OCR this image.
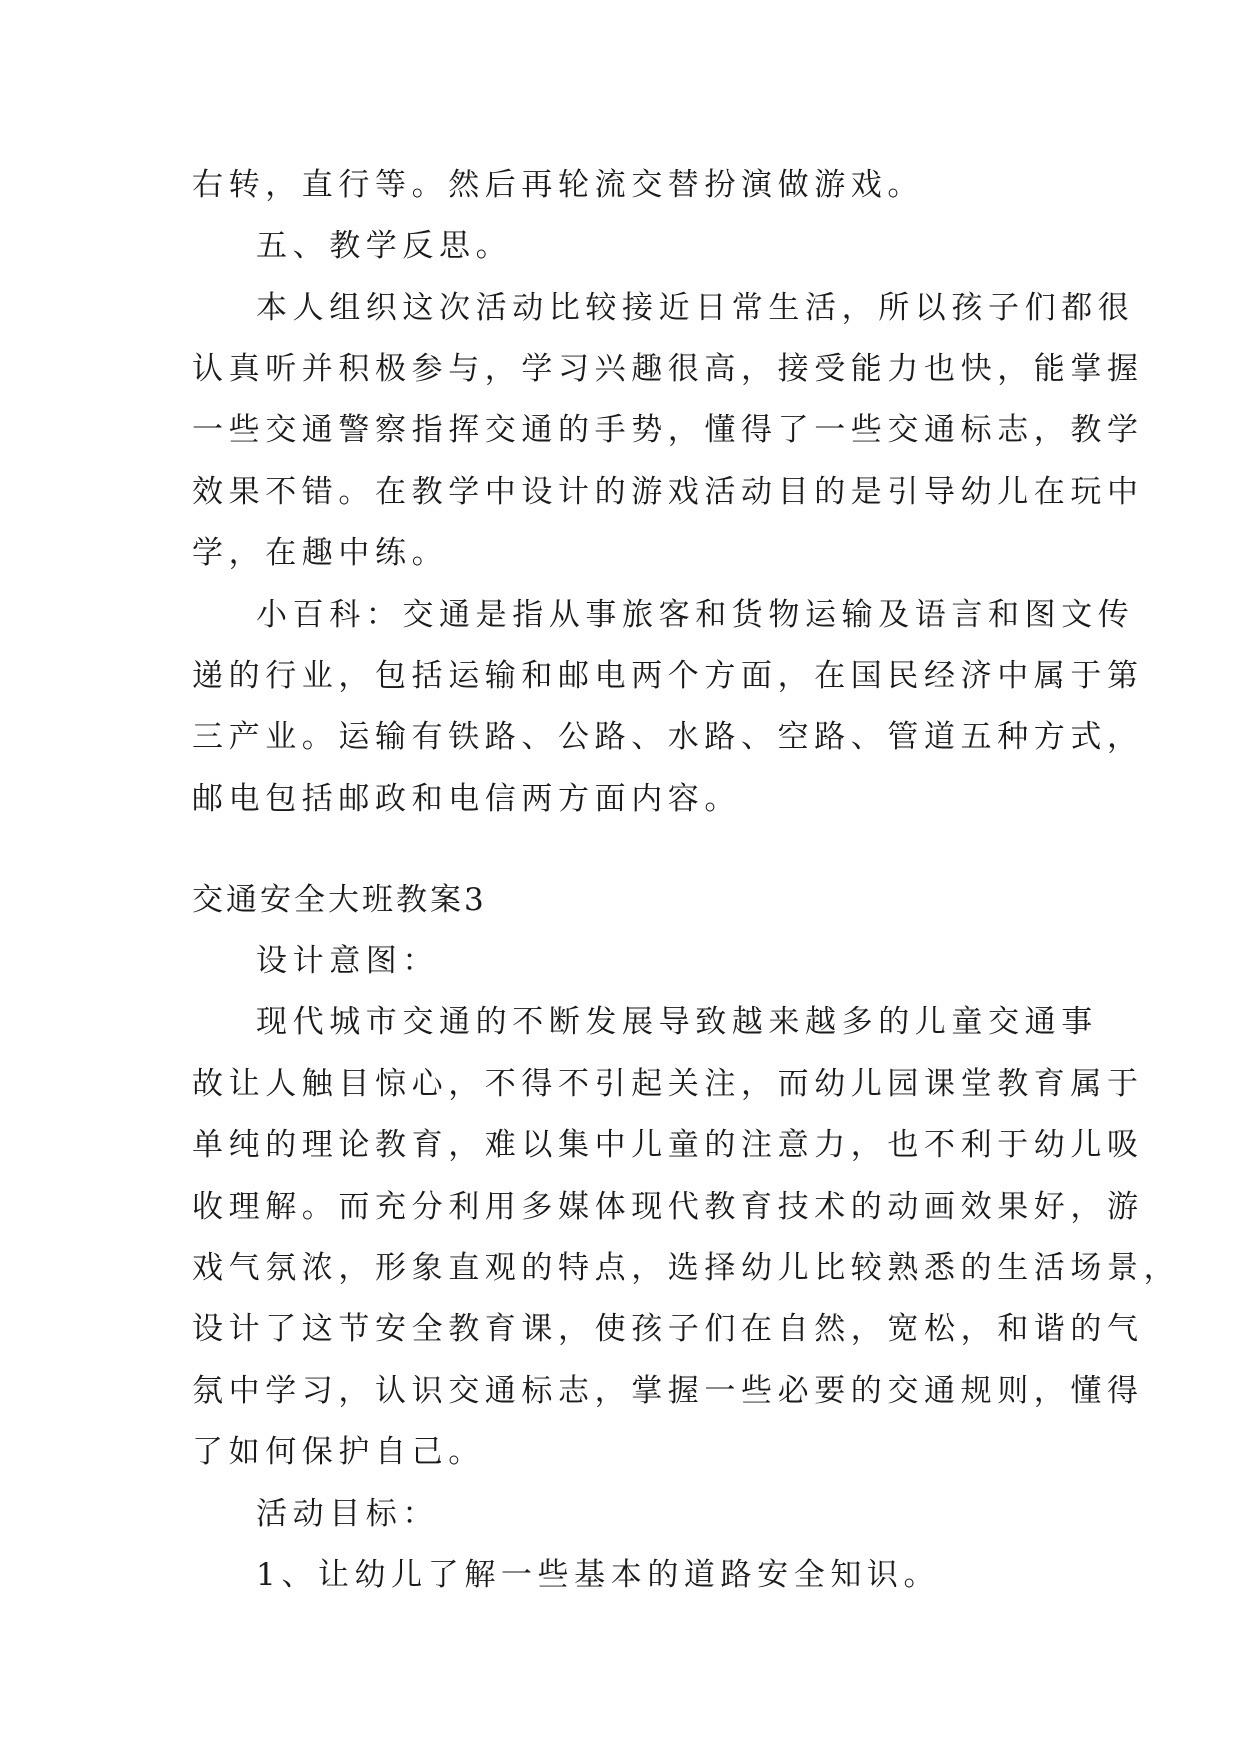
右转，直行等。然后再轮流交替扮演做游戏。
五、教学反思。
本人组织这次活动比较接近日常生活，所以孩子们都很
认真听并积极参与，学习兴趣很高，接受能力也快，能掌握
一些交通警察指挥交通的手势，懂得了一些交通标志，教学
效果不错。在教学中设计的游戏活动目的是引导幼儿在玩中
学，在趣中练。
小百科：交通是指从事旅客和货物运输及语言和图文传
递的行业，包括运输和邮电两个方面，在国民经济中属于第
三产业。运输有铁路、公路、水路、空路、管道五种方式，
邮电包括邮政和电信两方面内容。
交通安全大班教案3
设计意图：
现代城市交通的不断发展导致越来越多的儿童交通事
故让人触目惊心，不得不引起关注，而幼儿园课堂教育属于
单纯的理论教育，难以集中儿童的注意力，也不利于幼儿吸
收理解。而充分利用多媒体现代教育技术的动画效果好，游
戏气氛浓，形象直观的特点，选择幼儿比较熟悉的生活场景，
设计了这节安全教育课，使孩子们在自然，宽松，和谐的气
氛中学习，认识交通标志，掌握一些必要的交通规则，懂得
了如何保护自己。
活动目标：
1、让幼儿了解一些基本的道路安全知识。
